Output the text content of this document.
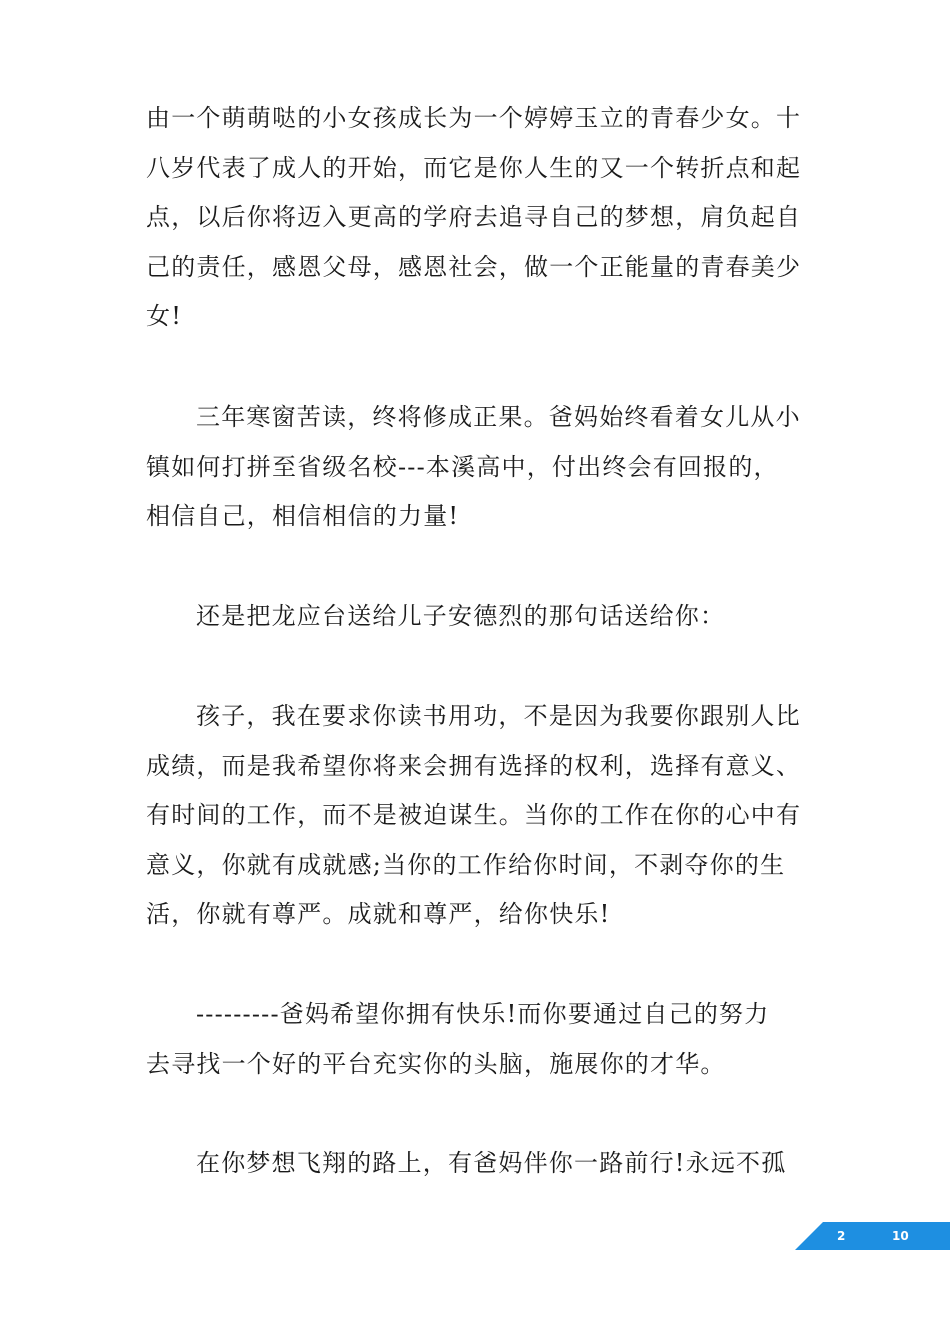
由一个萌萌哒的小女孩成长为一个婷婷玉立的青春少女。十
八岁代表了成人的开始，而它是你人生的又一个转折点和起
点，以后你将迈入更高的学府去追寻自己的梦想，肩负起自
己的责任，感恩父母，感恩社会，做一个正能量的青春美少
女!
三年寒窗苦读，终将修成正果。爸妈始终看着女儿从小
镇如何打拼至省级名校---本溪高中，付出终会有回报的，
相信自己，相信相信的力量!
还是把龙应台送给儿子安德烈的那句话送给你：
孩子，我在要求你读书用功，不是因为我要你跟别人比
成绩，而是我希望你将来会拥有选择的权利，选择有意义、
有时间的工作，而不是被迫谋生。当你的工作在你的心中有
意义，你就有成就感;当你的工作给你时间，不剥夺你的生
活，你就有尊严。成就和尊严，给你快乐!
---------爸妈希望你拥有快乐!而你要通过自己的努力
去寻找一个好的平台充实你的头脑，施展你的才华。
在你梦想飞翔的路上，有爸妈伴你一路前行!永远不孤
2	10
